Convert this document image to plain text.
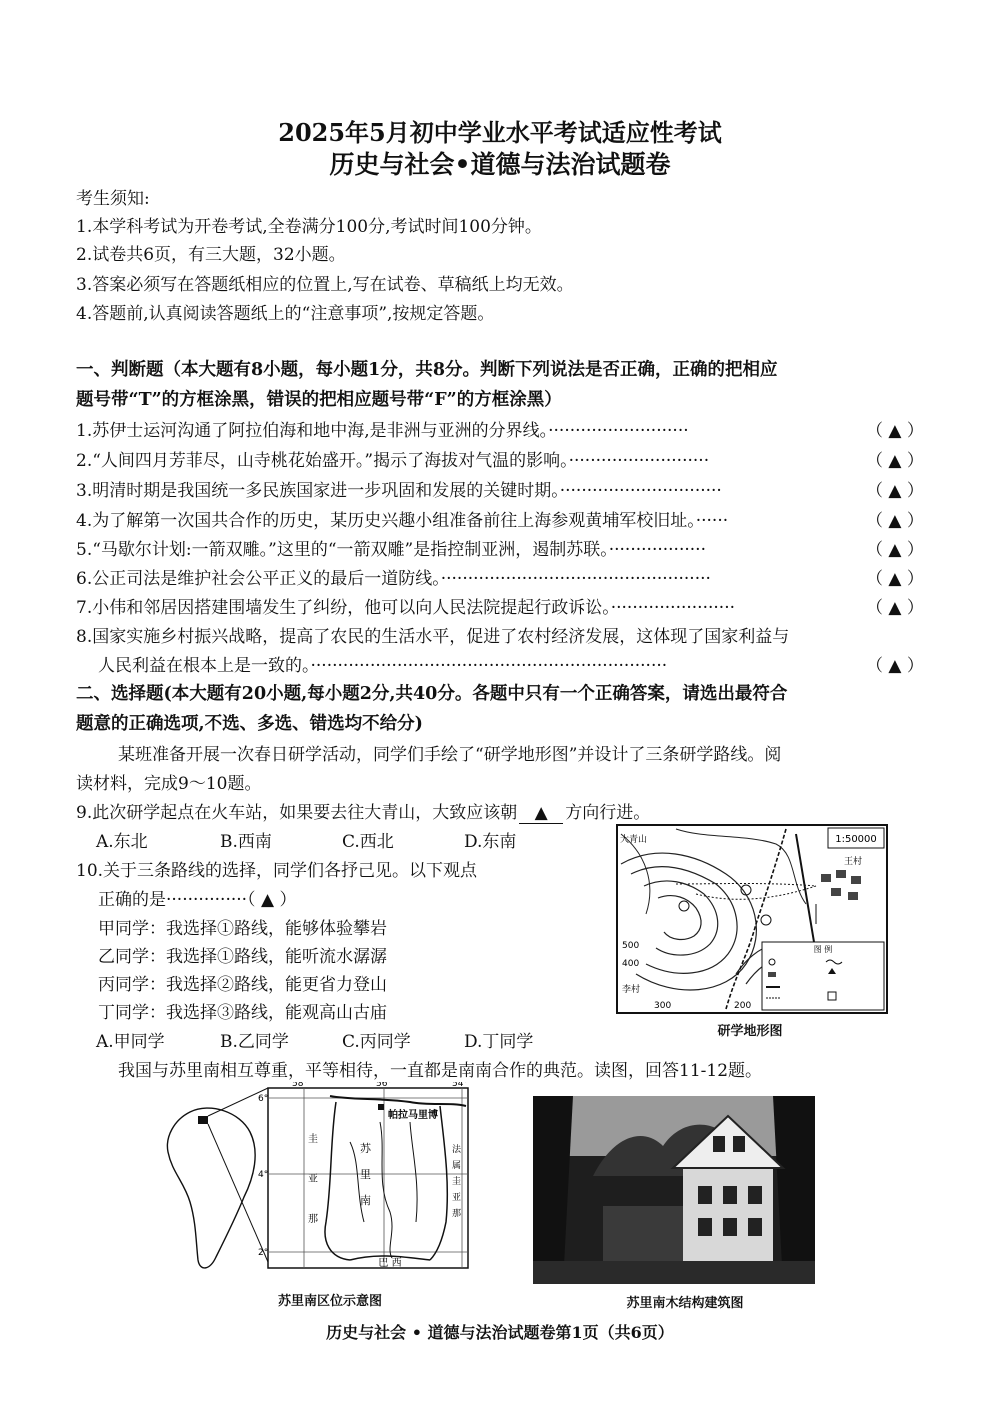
2025年5月初中学业水平考试适应性考试
历史与社会•道德与法治试题卷
考生须知:
1.本学科考试为开卷考试,全卷满分100分,考试时间100分钟。
2.试卷共6页，有三大题，32小题。
3.答案必须写在答题纸相应的位置上,写在试卷、草稿纸上均无效。
4.答题前,认真阅读答题纸上的“注意事项”,按规定答题。
一、判断题（本大题有8小题，每小题1分，共8分。判断下列说法是否正确，正确的把相应
题号带“T”的方框涂黑，错误的把相应题号带“F”的方框涂黑）
1.苏伊士运河沟通了阿拉伯海和地中海,是非洲与亚洲的分界线。··························	（ ▲ ）
2.“人间四月芳菲尽，山寺桃花始盛开。”揭示了海拔对气温的影响。··························	（ ▲ ）
3.明清时期是我国统一多民族国家进一步巩固和发展的关键时期。······························	（ ▲ ）
4.为了解第一次国共合作的历史，某历史兴趣小组准备前往上海参观黄埔军校旧址。······	（ ▲ ）
5.“马歇尔计划:一箭双雕。”这里的“一箭双雕”是指控制亚洲，遏制苏联。··················	（ ▲ ）
6.公正司法是维护社会公平正义的最后一道防线。··················································	（ ▲ ）
7.小伟和邻居因搭建围墙发生了纠纷，他可以向人民法院提起行政诉讼。·······················	（ ▲ ）
8.国家实施乡村振兴战略，提高了农民的生活水平，促进了农村经济发展，这体现了国家利益与
人民利益在根本上是一致的。··································································	（ ▲ ）
二、选择题(本大题有20小题,每小题2分,共40分。各题中只有一个正确答案，请选出最符合
题意的正确选项,不选、多选、错选均不给分)
某班准备开展一次春日研学活动，同学们手绘了“研学地形图”并设计了三条研学路线。阅
读材料，完成9～10题。
9.此次研学起点在火车站，如果要去往大青山，大致应该朝 ▲ 方向行进。
A.东北	B.西南	C.西北	D.东南
10.关于三条路线的选择，同学们各抒己见。以下观点
正确的是···············（ ▲ ）
甲同学：我选择①路线，能够体验攀岩
乙同学：我选择①路线，能听流水潺潺
丙同学：我选择②路线，能更省力登山
丁同学：我选择③路线，能观高山古庙
A.甲同学	B.乙同学	C.丙同学	D.丁同学
1:50000
大青山
王村
李村
500
400
300	200
图 例
研学地形图
我国与苏里南相互尊重，平等相待，一直都是南南合作的典范。读图，回答11-12题。
58°	56°	54°
6°
4°
2°
帕拉马里博
苏
里
南
圭
亚
那
法
属
圭
亚
那
巴 西
苏里南区位示意图	苏里南木结构建筑图
历史与社会 • 道德与法治试题卷第1页（共6页）
